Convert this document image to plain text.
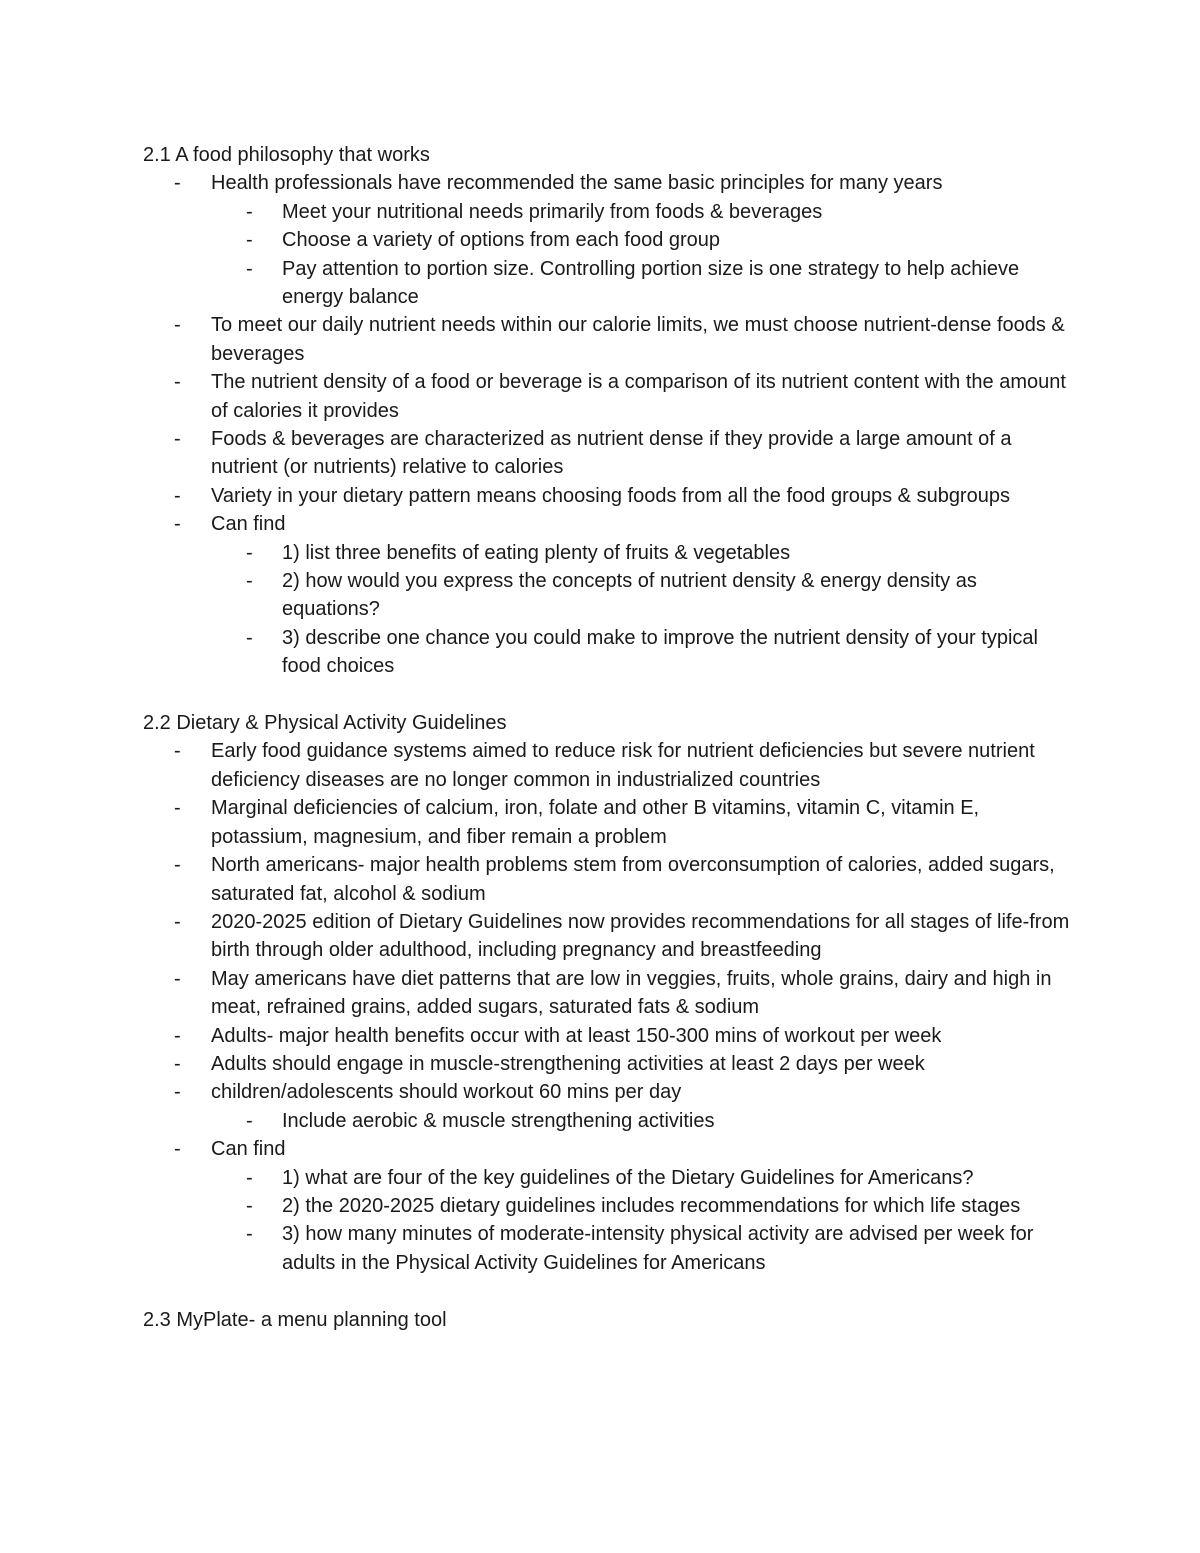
2.1 A food philosophy that works
- Health professionals have recommended the same basic principles for many years
- Meet your nutritional needs primarily from foods & beverages
- Choose a variety of options from each food group
- Pay attention to portion size. Controlling portion size is one strategy to help achieve energy balance
- To meet our daily nutrient needs within our calorie limits, we must choose nutrient-dense foods & beverages
- The nutrient density of a food or beverage is a comparison of its nutrient content with the amount of calories it provides
- Foods & beverages are characterized as nutrient dense if they provide a large amount of a nutrient (or nutrients) relative to calories
- Variety in your dietary pattern means choosing foods from all the food groups & subgroups
- Can find
- 1) list three benefits of eating plenty of fruits & vegetables
- 2) how would you express the concepts of nutrient density & energy density as equations?
- 3) describe one chance you could make to improve the nutrient density of your typical food choices
2.2 Dietary & Physical Activity Guidelines
- Early food guidance systems aimed to reduce risk for nutrient deficiencies but severe nutrient deficiency diseases are no longer common in industrialized countries
- Marginal deficiencies of calcium, iron, folate and other B vitamins, vitamin C, vitamin E, potassium, magnesium, and fiber remain a problem
- North americans- major health problems stem from overconsumption of calories, added sugars, saturated fat, alcohol & sodium
- 2020-2025 edition of Dietary Guidelines now provides recommendations for all stages of life-from birth through older adulthood, including pregnancy and breastfeeding
- May americans have diet patterns that are low in veggies, fruits, whole grains, dairy and high in meat, refrained grains, added sugars, saturated fats & sodium
- Adults- major health benefits occur with at least 150-300 mins of workout per week
- Adults should engage in muscle-strengthening activities at least 2 days per week
- children/adolescents should workout 60 mins per day
- Include aerobic & muscle strengthening activities
- Can find
- 1) what are four of the key guidelines of the Dietary Guidelines for Americans?
- 2) the 2020-2025 dietary guidelines includes recommendations for which life stages
- 3) how many minutes of moderate-intensity physical activity are advised per week for adults in the Physical Activity Guidelines for Americans
2.3 MyPlate- a menu planning tool
